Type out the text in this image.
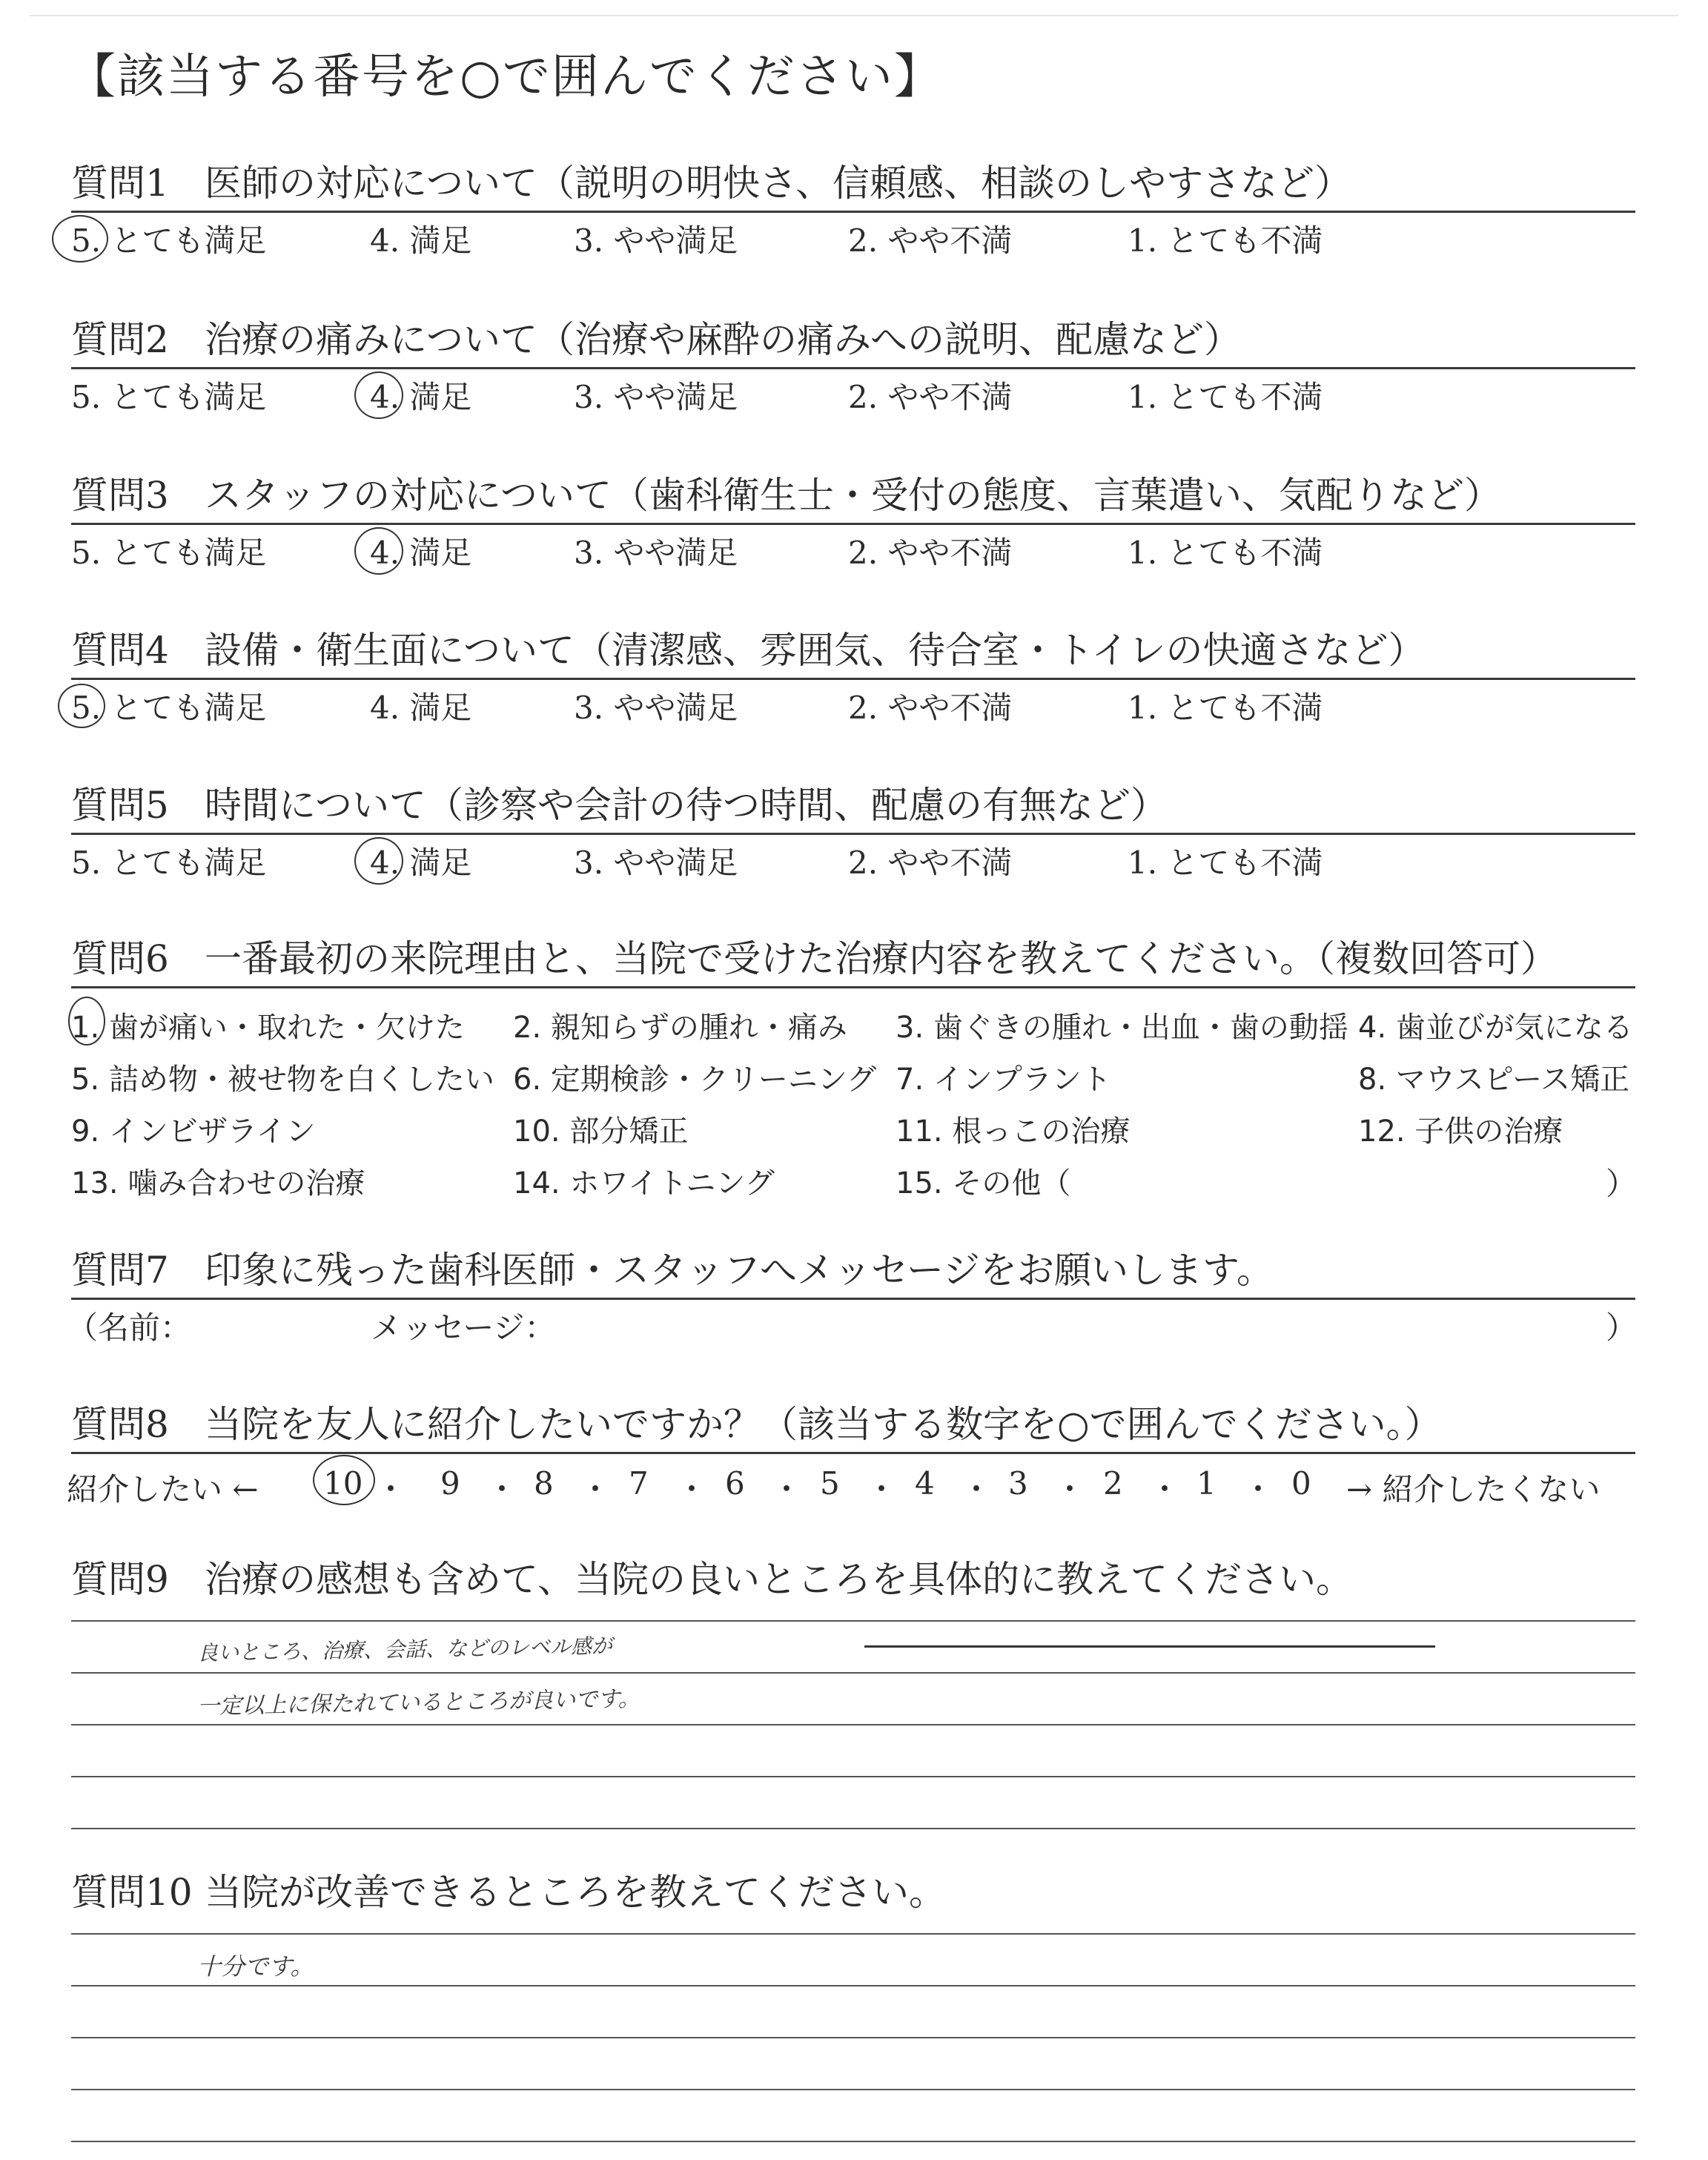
【該当する番号を○で囲んでください】
質問1 医師の対応について（説明の明快さ、信頼感、相談のしやすさなど）
5. とても満足	4. 満足	3. やや満足	2. やや不満	1. とても不満
質問2 治療の痛みについて（治療や麻酔の痛みへの説明、配慮など）
5. とても満足	4. 満足	3. やや満足	2. やや不満	1. とても不満
質問3 スタッフの対応について（歯科衛生士・受付の態度、言葉遣い、気配りなど）
5. とても満足	4. 満足	3. やや満足	2. やや不満	1. とても不満
質問4 設備・衛生面について（清潔感、雰囲気、待合室・トイレの快適さなど）
5. とても満足	4. 満足	3. やや満足	2. やや不満	1. とても不満
質問5 時間について（診察や会計の待つ時間、配慮の有無など）
5. とても満足	4. 満足	3. やや満足	2. やや不満	1. とても不満
質問6 一番最初の来院理由と、当院で受けた治療内容を教えてください。（複数回答可）
1. 歯が痛い・取れた・欠けた 2. 親知らずの腫れ・痛み 3. 歯ぐきの腫れ・出血・歯の動揺 4. 歯並びが気になる
5. 詰め物・被せ物を白くしたい 6. 定期検診・クリーニング 7. インプラント	8. マウスピース矯正
9. インビザライン	10. 部分矯正	11. 根っこの治療	12. 子供の治療
13. 噛み合わせの治療	14. ホワイトニング	15. その他（	）
質問7 印象に残った歯科医師・スタッフへメッセージをお願いします。
（名前：	メッセージ：	）
質問8 当院を友人に紹介したいですか？（該当する数字を○で囲んでください。）
紹介したい ← 10 ・ 9 ・ 8 ・ 7 ・ 6 ・ 5 ・ 4 ・ 3 ・ 2 ・ 1 ・ 0 → 紹介したくない
質問9 治療の感想も含めて、当院の良いところを具体的に教えてください。
良いところ、治療、会話、などのレベル感が
一定以上に保たれているところが良いです。
質問10 当院が改善できるところを教えてください。
十分です。
